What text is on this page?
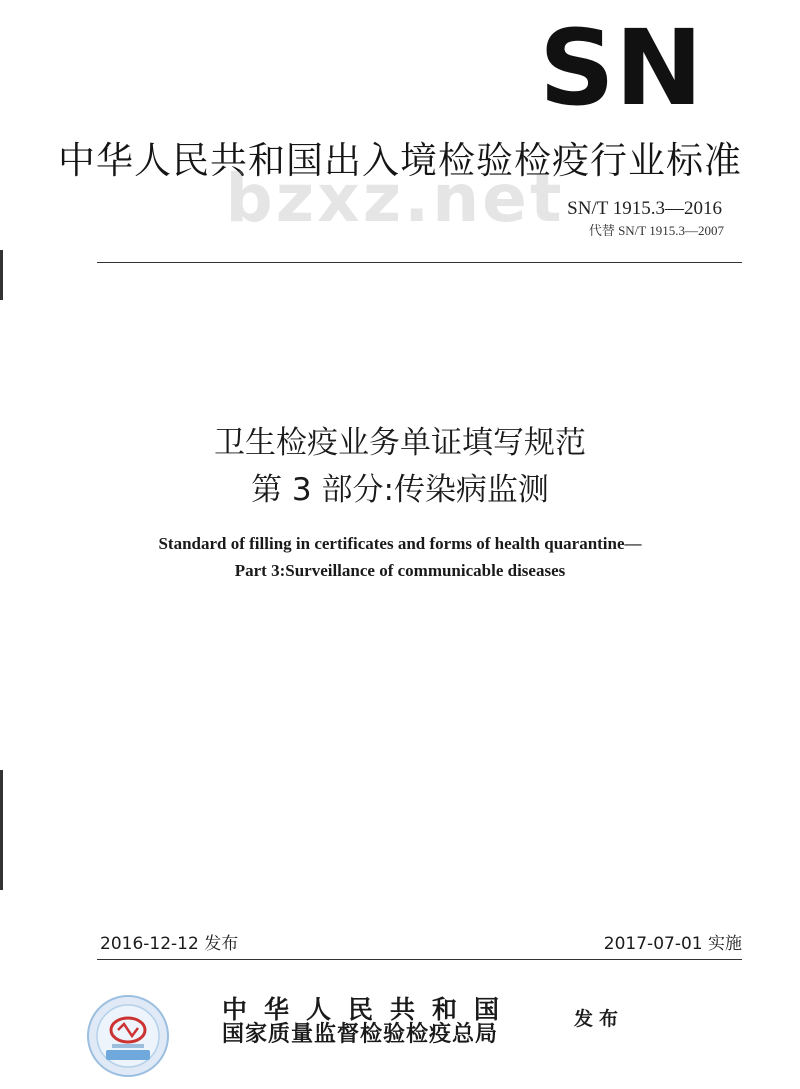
SN
中华人民共和国出入境检验检疫行业标准
bzxz.net SN/T 1915.3—2016
代替 SN/T 1915.3—2007
卫生检疫业务单证填写规范
第 3 部分:传染病监测
Standard of filling in certificates and forms of health quarantine—
Part 3:Surveillance of communicable diseases
2016-12-12 发布	2017-07-01 实施
中华人民共和国
国家质量监督检验检疫总局
发布
